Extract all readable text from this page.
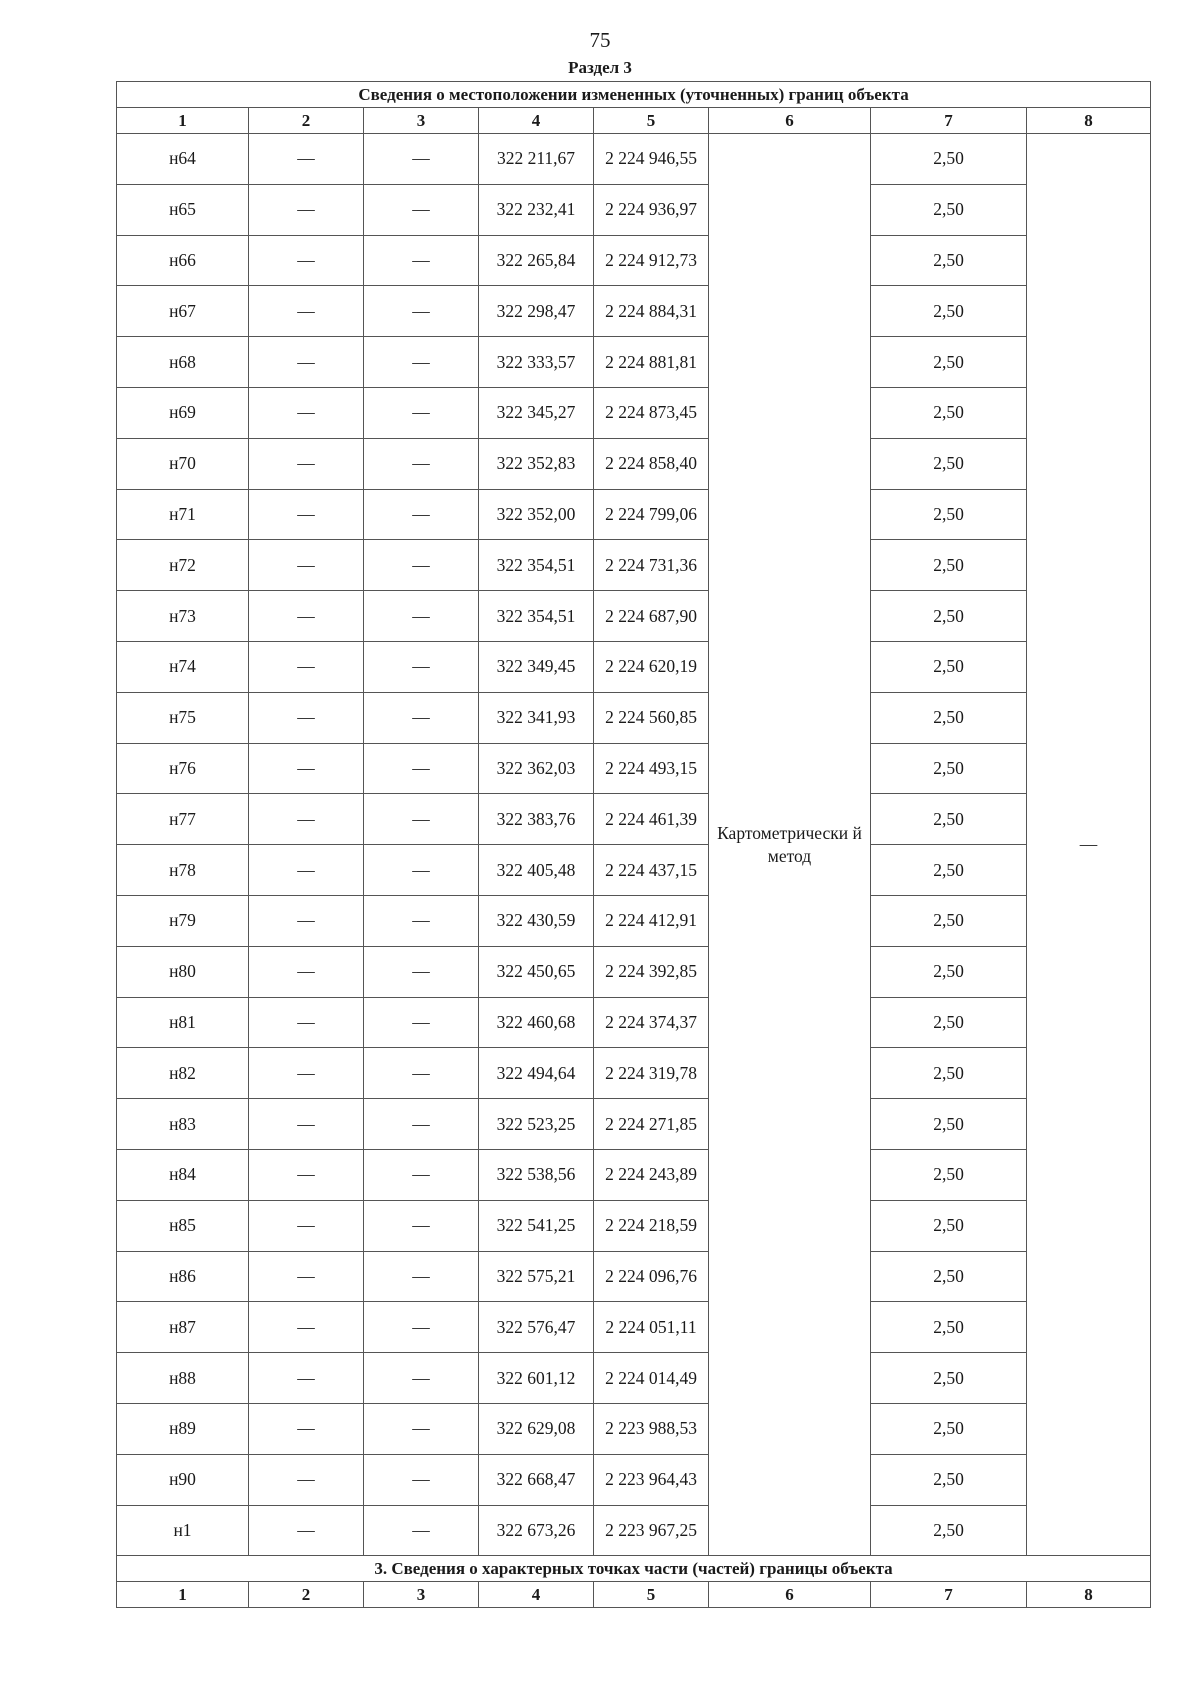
75
Раздел 3
Сведения о местоположении измененных (уточненных) границ объекта							
1	2	3	4	5	6	7	8
н64	—	—	322 211,67	2 224 946,55	Картометрически й метод	2,50	—
н65	—	—	322 232,41	2 224 936,97		2,50	
н66	—	—	322 265,84	2 224 912,73		2,50	
н67	—	—	322 298,47	2 224 884,31		2,50	
н68	—	—	322 333,57	2 224 881,81		2,50	
н69	—	—	322 345,27	2 224 873,45		2,50	
н70	—	—	322 352,83	2 224 858,40		2,50	
н71	—	—	322 352,00	2 224 799,06		2,50	
н72	—	—	322 354,51	2 224 731,36		2,50	
н73	—	—	322 354,51	2 224 687,90		2,50	
н74	—	—	322 349,45	2 224 620,19		2,50	
н75	—	—	322 341,93	2 224 560,85		2,50	
н76	—	—	322 362,03	2 224 493,15		2,50	
н77	—	—	322 383,76	2 224 461,39		2,50	
н78	—	—	322 405,48	2 224 437,15		2,50	
н79	—	—	322 430,59	2 224 412,91		2,50	
н80	—	—	322 450,65	2 224 392,85		2,50	
н81	—	—	322 460,68	2 224 374,37		2,50	
н82	—	—	322 494,64	2 224 319,78		2,50	
н83	—	—	322 523,25	2 224 271,85		2,50	
н84	—	—	322 538,56	2 224 243,89		2,50	
н85	—	—	322 541,25	2 224 218,59		2,50	
н86	—	—	322 575,21	2 224 096,76		2,50	
н87	—	—	322 576,47	2 224 051,11		2,50	
н88	—	—	322 601,12	2 224 014,49		2,50	
н89	—	—	322 629,08	2 223 988,53		2,50	
н90	—	—	322 668,47	2 223 964,43		2,50	
н1	—	—	322 673,26	2 223 967,25		2,50	
3. Сведения о характерных точках части (частей) границы объекта							
1	2	3	4	5	6	7	8
